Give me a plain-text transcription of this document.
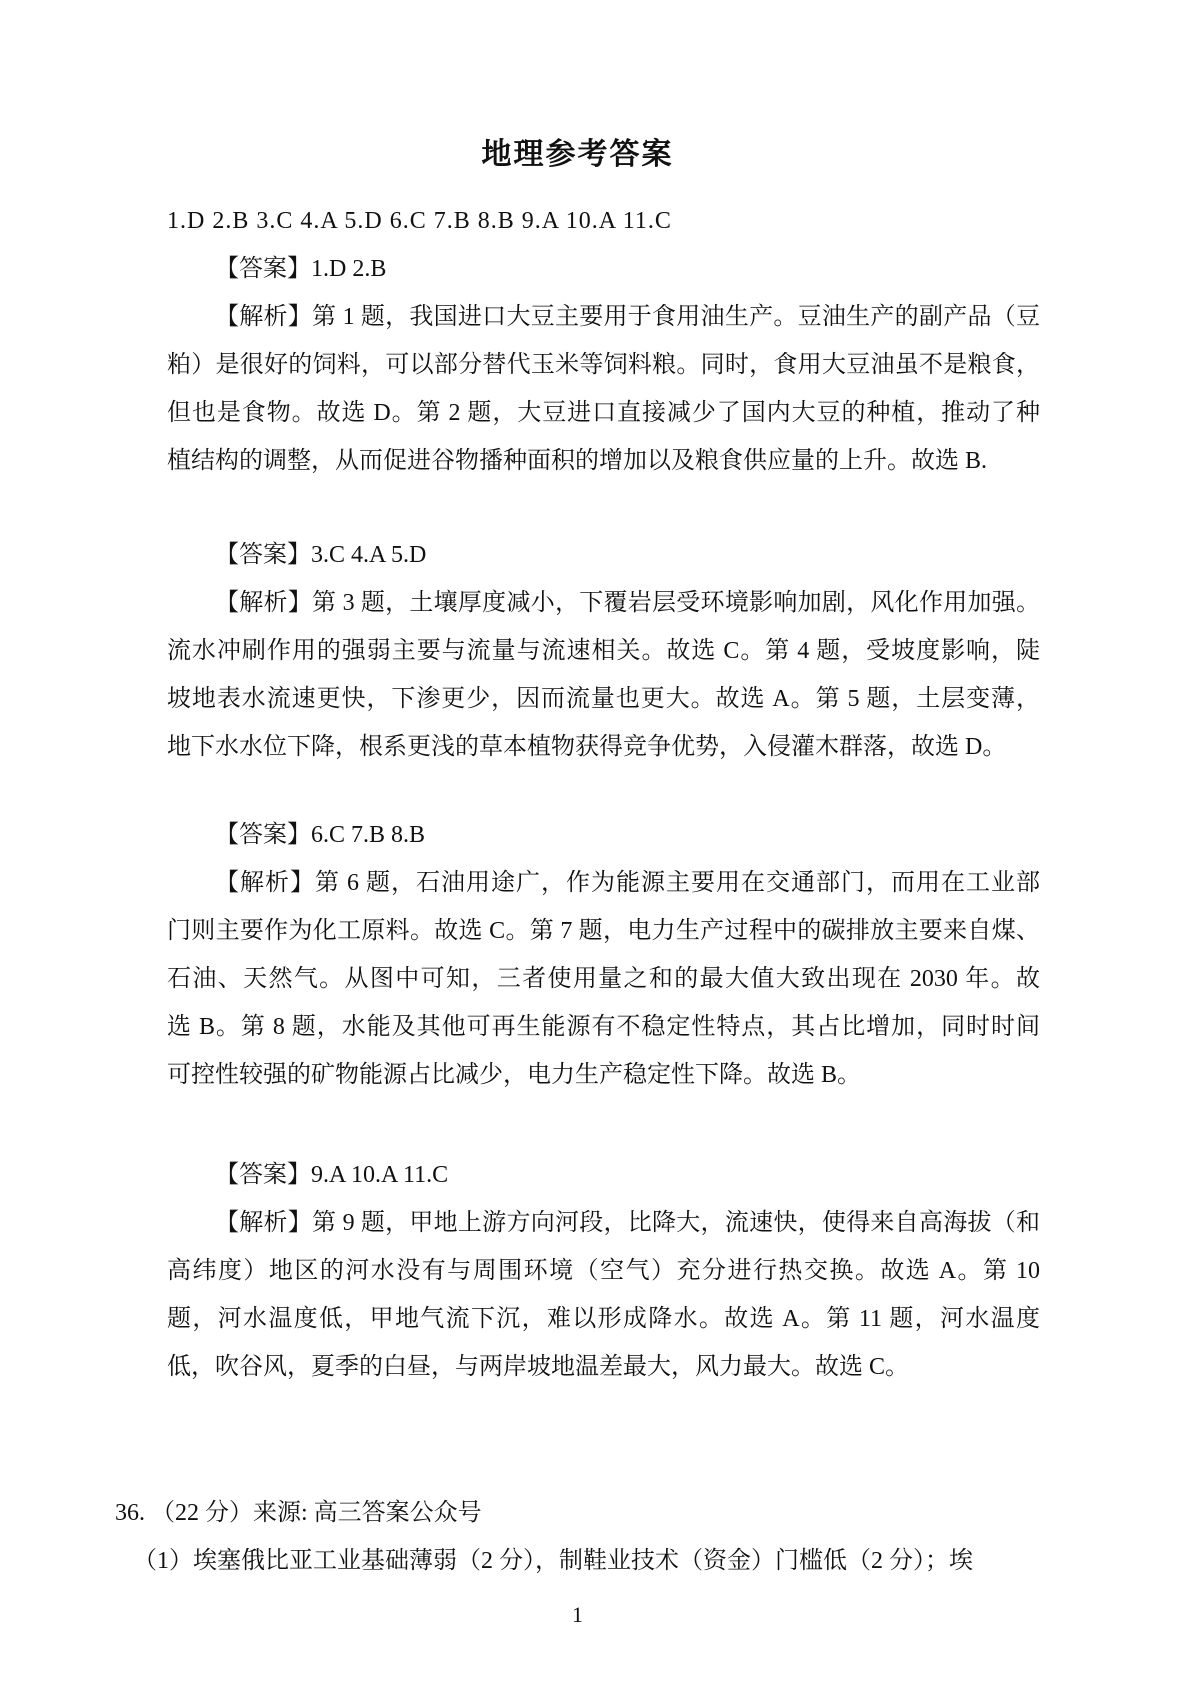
地理参考答案
1.D 2.B 3.C 4.A 5.D 6.C 7.B 8.B 9.A 10.A 11.C
【答案】1.D 2.B
【解析】第 1 题，我国进口大豆主要用于食用油生产。豆油生产的副产品（豆
粕）是很好的饲料，可以部分替代玉米等饲料粮。同时，食用大豆油虽不是粮食，
但也是食物。故选 D。第 2 题，大豆进口直接减少了国内大豆的种植，推动了种
植结构的调整，从而促进谷物播种面积的增加以及粮食供应量的上升。故选 B.
【答案】3.C 4.A 5.D
【解析】第 3 题，土壤厚度减小，下覆岩层受环境影响加剧，风化作用加强。
流水冲刷作用的强弱主要与流量与流速相关。故选 C。第 4 题，受坡度影响，陡
坡地表水流速更快，下渗更少，因而流量也更大。故选 A。第 5 题，土层变薄，
地下水水位下降，根系更浅的草本植物获得竞争优势，入侵灌木群落，故选 D。
【答案】6.C 7.B 8.B
【解析】第 6 题，石油用途广，作为能源主要用在交通部门，而用在工业部
门则主要作为化工原料。故选 C。第 7 题，电力生产过程中的碳排放主要来自煤、
石油、天然气。从图中可知，三者使用量之和的最大值大致出现在 2030 年。故
选 B。第 8 题，水能及其他可再生能源有不稳定性特点，其占比增加，同时时间
可控性较强的矿物能源占比减少，电力生产稳定性下降。故选 B。
【答案】9.A 10.A 11.C
【解析】第 9 题，甲地上游方向河段，比降大，流速快，使得来自高海拔（和
高纬度）地区的河水没有与周围环境（空气）充分进行热交换。故选 A。第 10
题，河水温度低，甲地气流下沉，难以形成降水。故选 A。第 11 题，河水温度
低，吹谷风，夏季的白昼，与两岸坡地温差最大，风力最大。故选 C。
36. （22 分）来源: 高三答案公众号
（1）埃塞俄比亚工业基础薄弱（2 分），制鞋业技术（资金）门槛低（2 分）；埃
1
